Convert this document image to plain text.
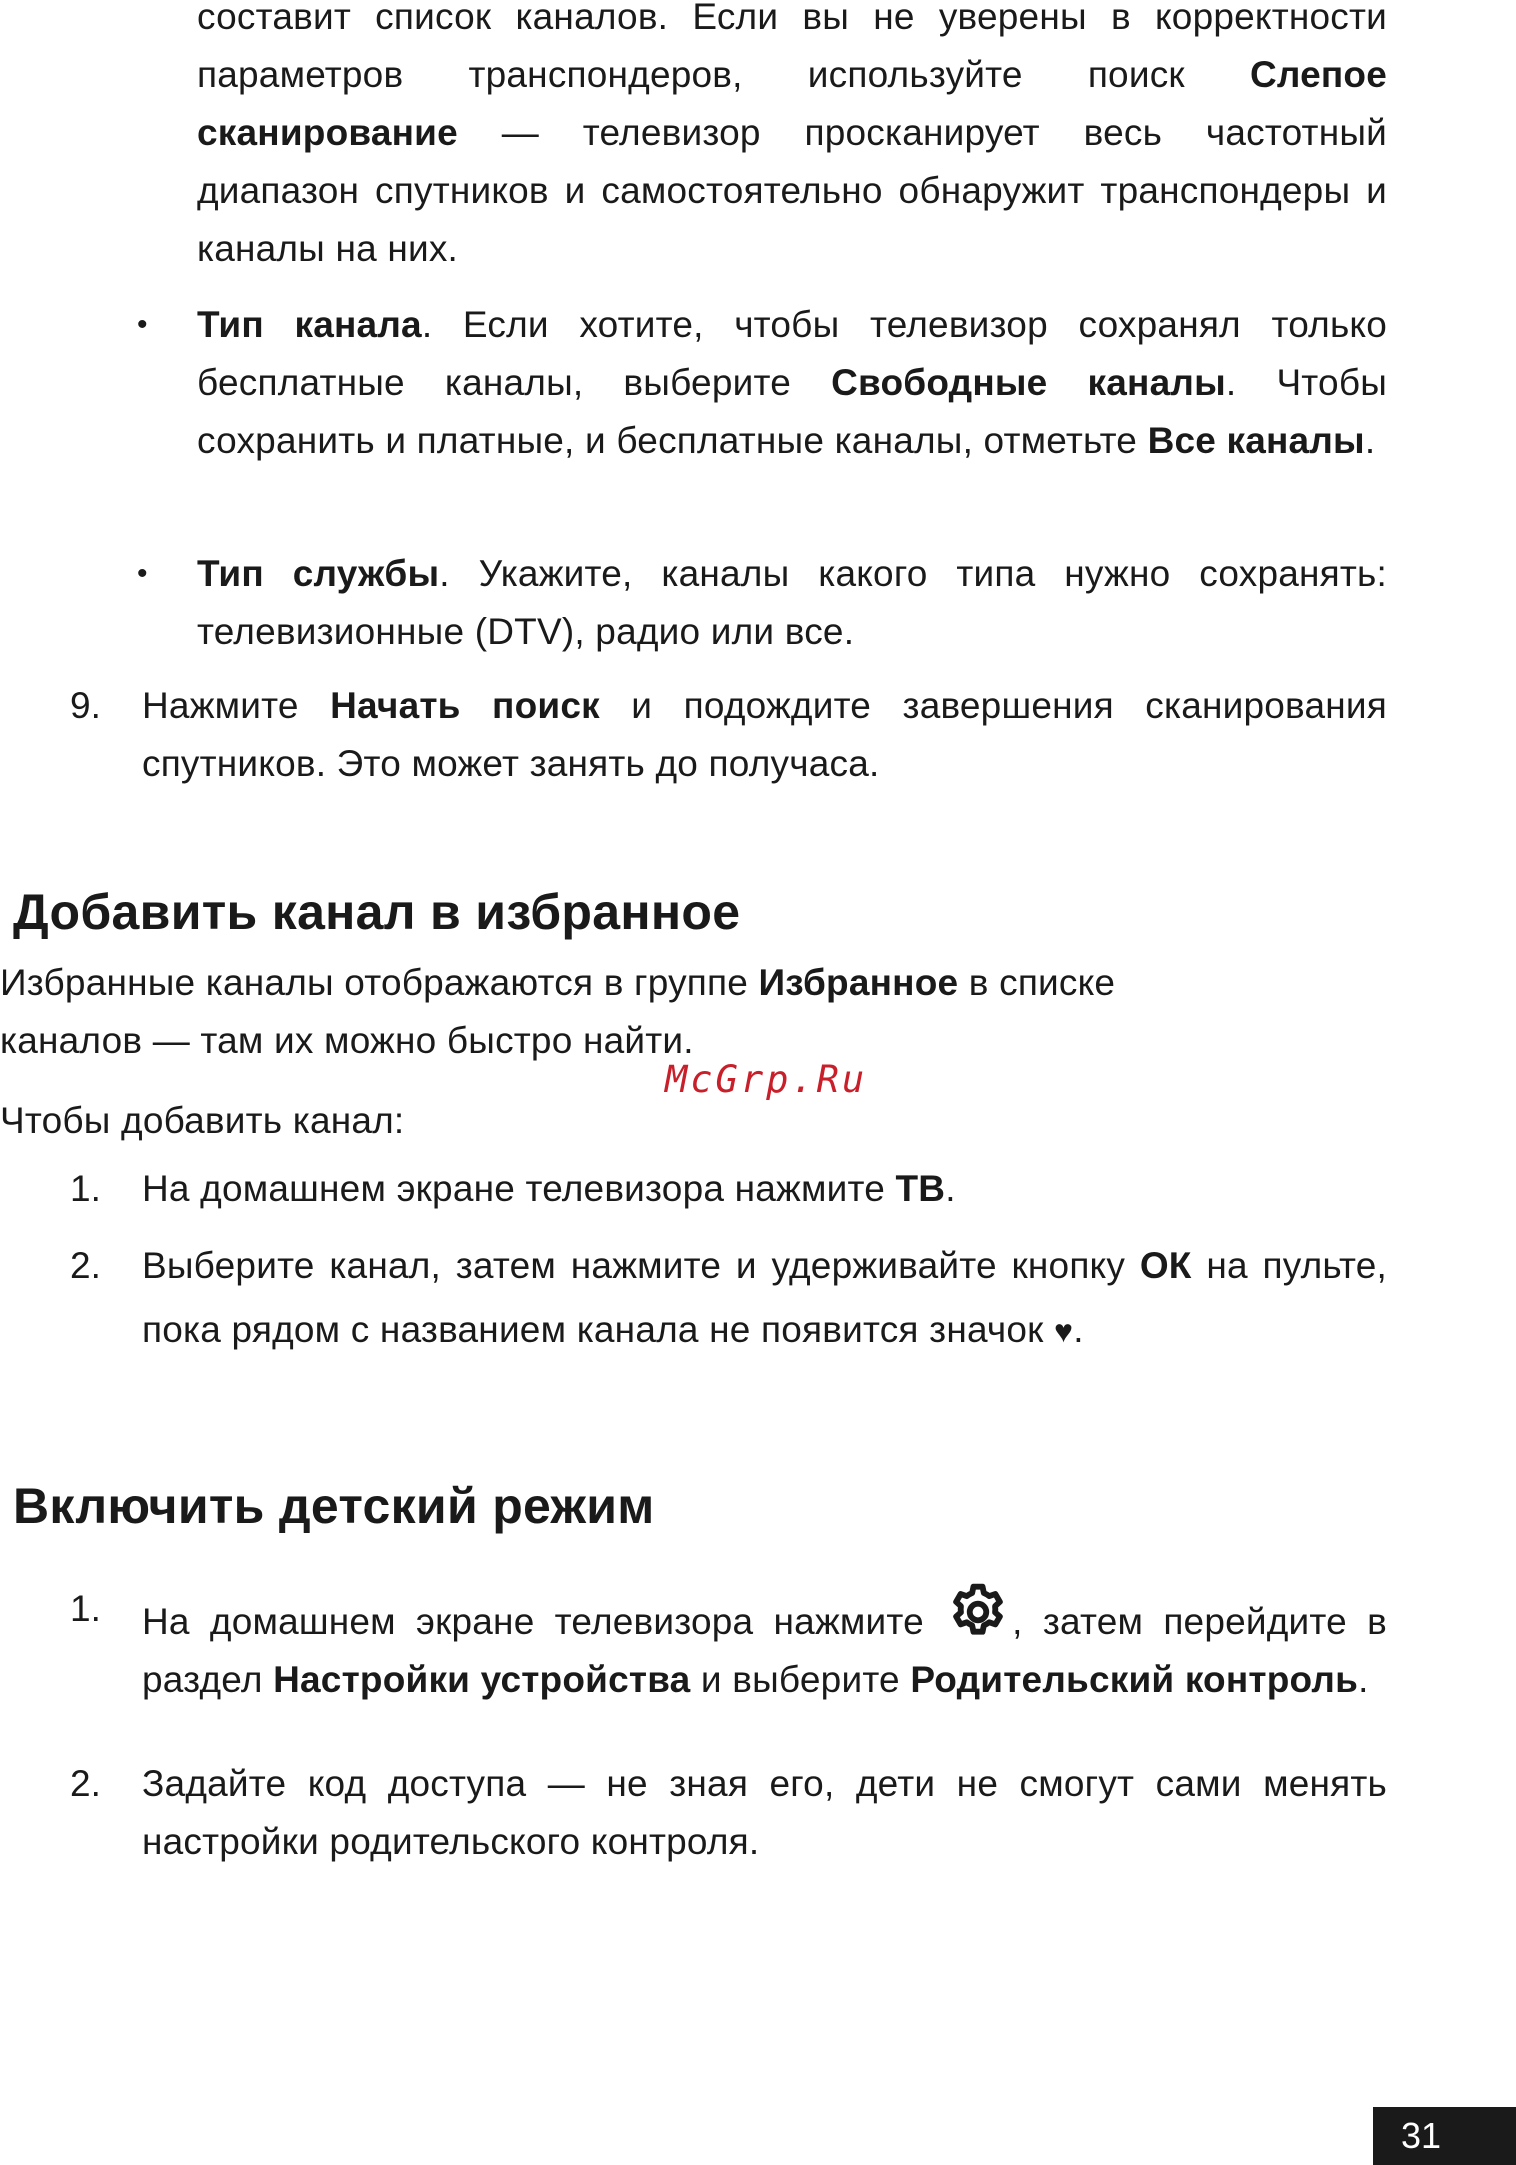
составит список каналов. Если вы не уверены в корректности параметров транспондеров, используйте поиск Слепое сканирование — телевизор просканирует весь частотный диапазон спутников и самостоятельно обнаружит транспондеры и каналы на них.

• Тип канала. Если хотите, чтобы телевизор сохранял только бесплатные каналы, выберите Свободные каналы. Чтобы сохранить и платные, и бесплатные каналы, отметьте Все каналы.

• Тип службы. Укажите, каналы какого типа нужно сохранять: телевизионные (DTV), радио или все.

9. Нажмите Начать поиск и подождите завершения сканирования спутников. Это может занять до получаса.

Добавить канал в избранное

Избранные каналы отображаются в группе Избранное в списке
каналов — там их можно быстро найти.

McGrp.Ru

Чтобы добавить канал:

1. На домашнем экране телевизора нажмите ТВ.

2. Выберите канал, затем нажмите и удерживайте кнопку ОК на пульте, пока рядом с названием канала не появится значок ♥.

Включить детский режим
1. На домашнем экране телевизора нажмите , затем перейдите в раздел Настройки устройства и выберите Родительский контроль.

2. Задайте код доступа — не зная его, дети не смогут сами менять настройки родительского контроля.

31
